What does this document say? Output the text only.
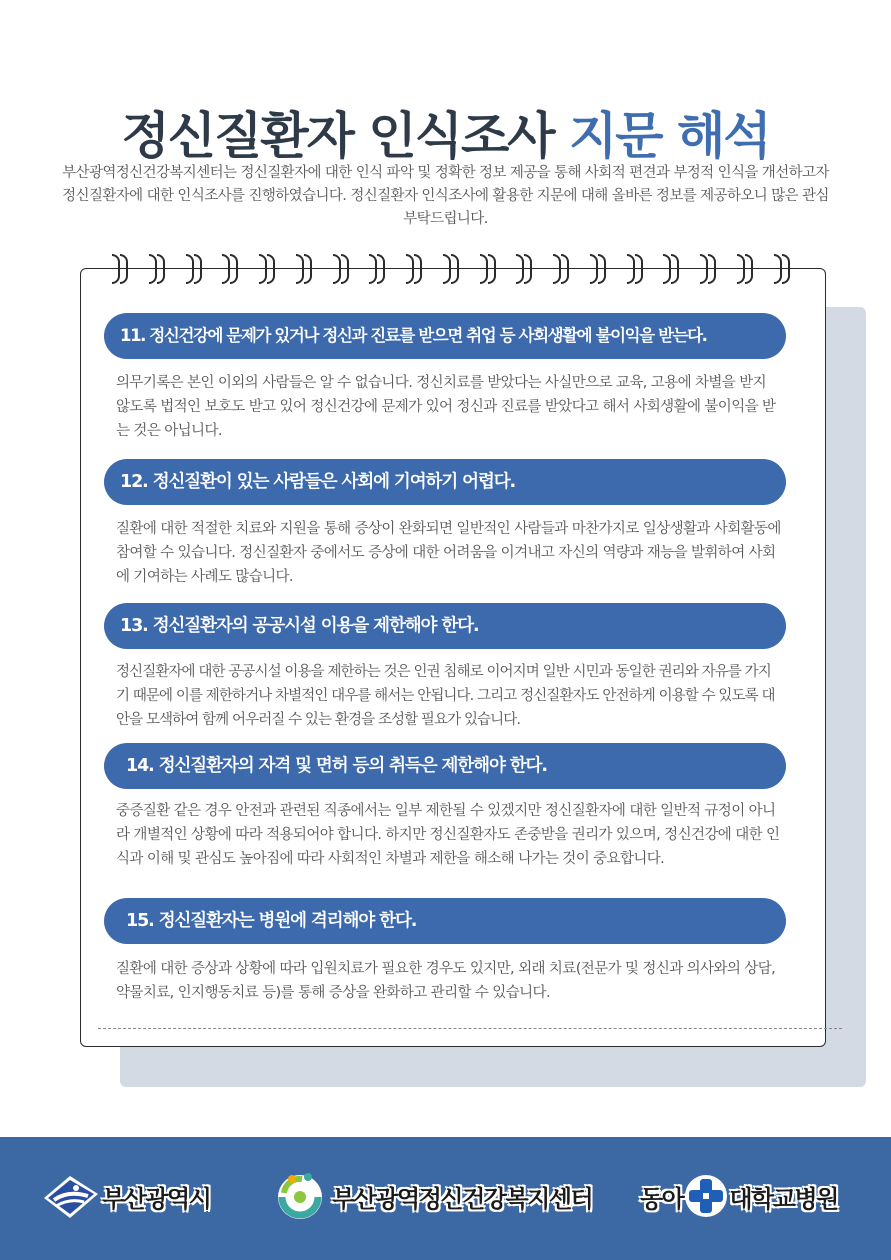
정신질환자 인식조사 지문 해석
부산광역정신건강복지센터는 정신질환자에 대한 인식 파악 및 정확한 정보 제공을 통해 사회적 편견과 부정적 인식을 개선하고자 정신질환자에 대한 인식조사를 진행하였습니다. 정신질환자 인식조사에 활용한 지문에 대해 올바른 정보를 제공하오니 많은 관심 부탁드립니다.
11. 정신건강에 문제가 있거나 정신과 진료를 받으면 취업 등 사회생활에 불이익을 받는다.
의무기록은 본인 이외의 사람들은 알 수 없습니다. 정신치료를 받았다는 사실만으로 교육, 고용에 차별을 받지 않도록 법적인 보호도 받고 있어 정신건강에 문제가 있어 정신과 진료를 받았다고 해서 사회생활에 불이익을 받는 것은 아닙니다.
12. 정신질환이 있는 사람들은 사회에 기여하기 어렵다.
질환에 대한 적절한 치료와 지원을 통해 증상이 완화되면 일반적인 사람들과 마찬가지로 일상생활과 사회활동에 참여할 수 있습니다. 정신질환자 중에서도 증상에 대한 어려움을 이겨내고 자신의 역량과 재능을 발휘하여 사회에 기여하는 사례도 많습니다.
13. 정신질환자의 공공시설 이용을 제한해야 한다.
정신질환자에 대한 공공시설 이용을 제한하는 것은 인권 침해로 이어지며 일반 시민과 동일한 권리와 자유를 가지기 때문에 이를 제한하거나 차별적인 대우를 해서는 안됩니다. 그리고 정신질환자도 안전하게 이용할 수 있도록 대안을 모색하여 함께 어우러질 수 있는 환경을 조성할 필요가 있습니다.
14. 정신질환자의 자격 및 면허 등의 취득은 제한해야 한다.
중증질환 같은 경우 안전과 관련된 직종에서는 일부 제한될 수 있겠지만 정신질환자에 대한 일반적 규정이 아니라 개별적인 상황에 따라 적용되어야 합니다. 하지만 정신질환자도 존중받을 권리가 있으며, 정신건강에 대한 인식과 이해 및 관심도 높아짐에 따라 사회적인 차별과 제한을 해소해 나가는 것이 중요합니다.
15. 정신질환자는 병원에 격리해야 한다.
질환에 대한 증상과 상황에 따라 입원치료가 필요한 경우도 있지만, 외래 치료(전문가 및 정신과 의사와의 상담, 약물치료, 인지행동치료 등)를 통해 증상을 완화하고 관리할 수 있습니다.
부산광역시	부산광역정신건강복지센터 동아 대학교병원
